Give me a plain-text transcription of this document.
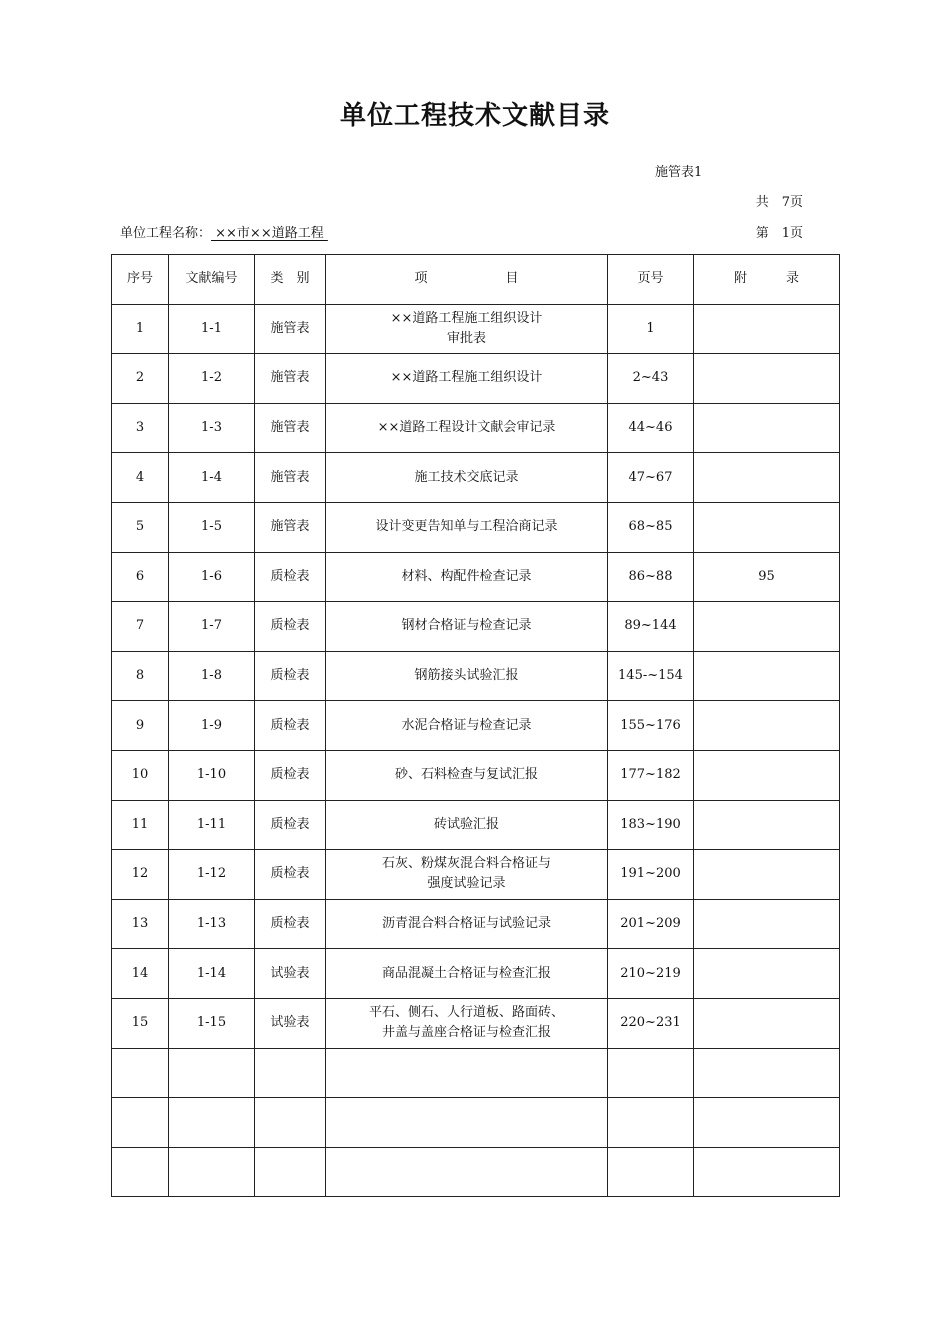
单位工程技术文献目录
施管表1
共　7页
单位工程名称： ××市××道路工程	第　1页
序号	文献编号	类　别	项　　　　　　目	页号	附　　　录
1	1-1	施管表	××道路工程施工组织设计
审批表	1	
2	1-2	施管表	××道路工程施工组织设计	2~43	
3	1-3	施管表	××道路工程设计文献会审记录	44~46	
4	1-4	施管表	施工技术交底记录	47~67	
5	1-5	施管表	设计变更告知单与工程洽商记录	68~85	
6	1-6	质检表	材料、构配件检查记录	86~88	95
7	1-7	质检表	钢材合格证与检查记录	89~144	
8	1-8	质检表	钢筋接头试验汇报	145-~154	
9	1-9	质检表	水泥合格证与检查记录	155~176	
10	1-10	质检表	砂、石料检查与复试汇报	177~182	
11	1-11	质检表	砖试验汇报	183~190	
12	1-12	质检表	石灰、粉煤灰混合料合格证与
强度试验记录	191~200	
13	1-13	质检表	沥青混合料合格证与试验记录	201~209	
14	1-14	试验表	商品混凝土合格证与检查汇报	210~219	
15	1-15	试验表	平石、侧石、人行道板、路面砖、
井盖与盖座合格证与检查汇报	220~231	
